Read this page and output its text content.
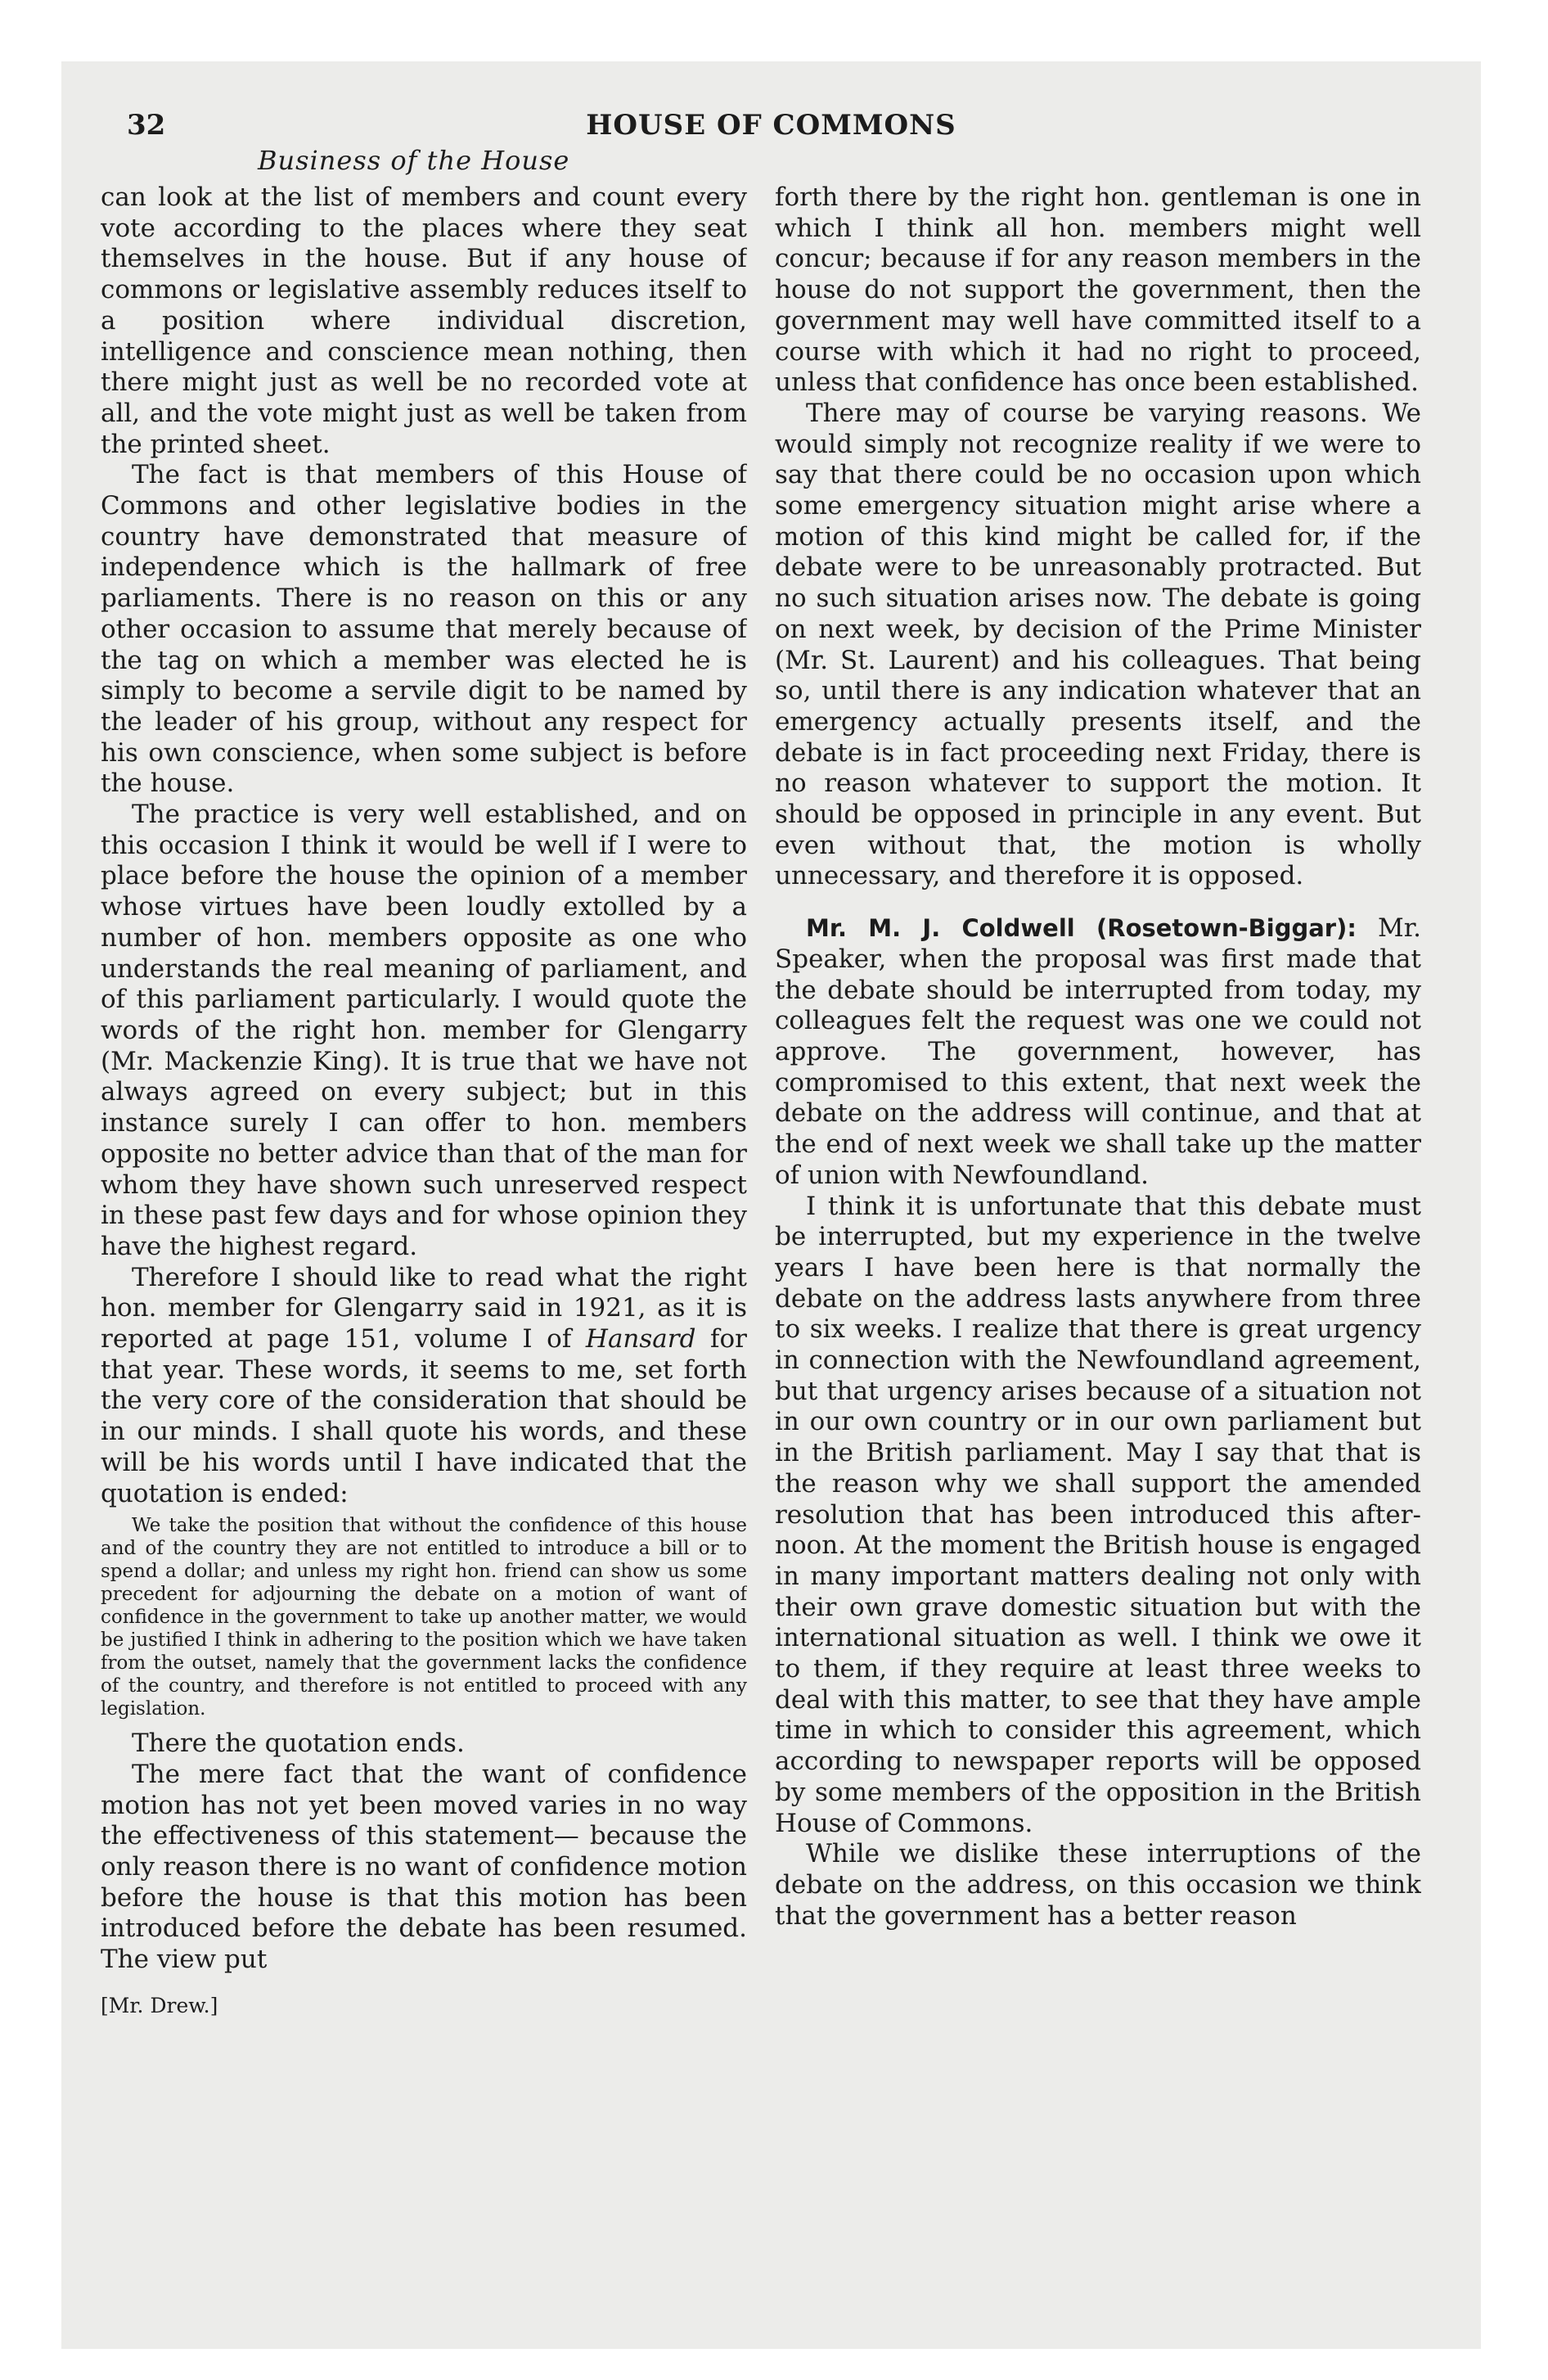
32	HOUSE OF COMMONS

Business of the House

can look at the list of members and count every vote according to the places where they seat themselves in the house. But if any house of commons or legislative assembly reduces itself to a position where individual discretion, intelligence and conscience mean nothing, then there might just as well be no recorded vote at all, and the vote might just as well be taken from the printed sheet.

The fact is that members of this House of Commons and other legislative bodies in the country have demonstrated that measure of independence which is the hallmark of free parliaments. There is no reason on this or any other occasion to assume that merely because of the tag on which a member was elected he is simply to become a servile digit to be named by the leader of his group, without any respect for his own conscience, when some subject is before the house.

The practice is very well established, and on this occasion I think it would be well if I were to place before the house the opinion of a member whose virtues have been loudly extolled by a number of hon. members opposite as one who understands the real meaning of parliament, and of this parliament particularly. I would quote the words of the right hon. member for Glengarry (Mr. Mackenzie King). It is true that we have not always agreed on every subject; but in this instance surely I can offer to hon. members opposite no better advice than that of the man for whom they have shown such unreserved respect in these past few days and for whose opinion they have the highest regard.

Therefore I should like to read what the right hon. member for Glengarry said in 1921, as it is reported at page 151, volume I of Hansard for that year. These words, it seems to me, set forth the very core of the consideration that should be in our minds. I shall quote his words, and these will be his words until I have indicated that the quotation is ended:

We take the position that without the confidence of this house and of the country they are not entitled to introduce a bill or to spend a dollar; and unless my right hon. friend can show us some precedent for adjourning the debate on a motion of want of confidence in the government to take up another matter, we would be justified I think in adhering to the position which we have taken from the outset, namely that the government lacks the confidence of the country, and therefore is not entitled to proceed with any legislation.

There the quotation ends.

The mere fact that the want of confidence motion has not yet been moved varies in no way the effectiveness of this statement— because the only reason there is no want of confidence motion before the house is that this motion has been introduced before the debate has been resumed. The view put

[Mr. Drew.]

forth there by the right hon. gentleman is one in which I think all hon. members might well concur; because if for any reason members in the house do not support the government, then the government may well have committed itself to a course with which it had no right to proceed, unless that confidence has once been established.

There may of course be varying reasons. We would simply not recognize reality if we were to say that there could be no occasion upon which some emergency situation might arise where a motion of this kind might be called for, if the debate were to be unreasonably protracted. But no such situation arises now. The debate is going on next week, by decision of the Prime Minister (Mr. St. Laurent) and his colleagues. That being so, until there is any indication whatever that an emergency actually presents itself, and the debate is in fact proceeding next Friday, there is no reason whatever to support the motion. It should be opposed in principle in any event. But even without that, the motion is wholly unnecessary, and therefore it is opposed.

Mr. M. J. Coldwell (Rosetown-Biggar): Mr. Speaker, when the proposal was first made that the debate should be interrupted from today, my colleagues felt the request was one we could not approve. The government, however, has compromised to this extent, that next week the debate on the address will continue, and that at the end of next week we shall take up the matter of union with Newfoundland.

I think it is unfortunate that this debate must be interrupted, but my experience in the twelve years I have been here is that normally the debate on the address lasts anywhere from three to six weeks. I realize that there is great urgency in connection with the Newfoundland agreement, but that urgency arises because of a situation not in our own country or in our own parliament but in the British parliament. May I say that that is the reason why we shall support the amended resolution that has been introduced this afternoon. At the moment the British house is engaged in many important matters dealing not only with their own grave domestic situation but with the international situation as well. I think we owe it to them, if they require at least three weeks to deal with this matter, to see that they have ample time in which to consider this agreement, which according to newspaper reports will be opposed by some members of the opposition in the British House of Commons.

While we dislike these interruptions of the debate on the address, on this occasion we think that the government has a better reason
